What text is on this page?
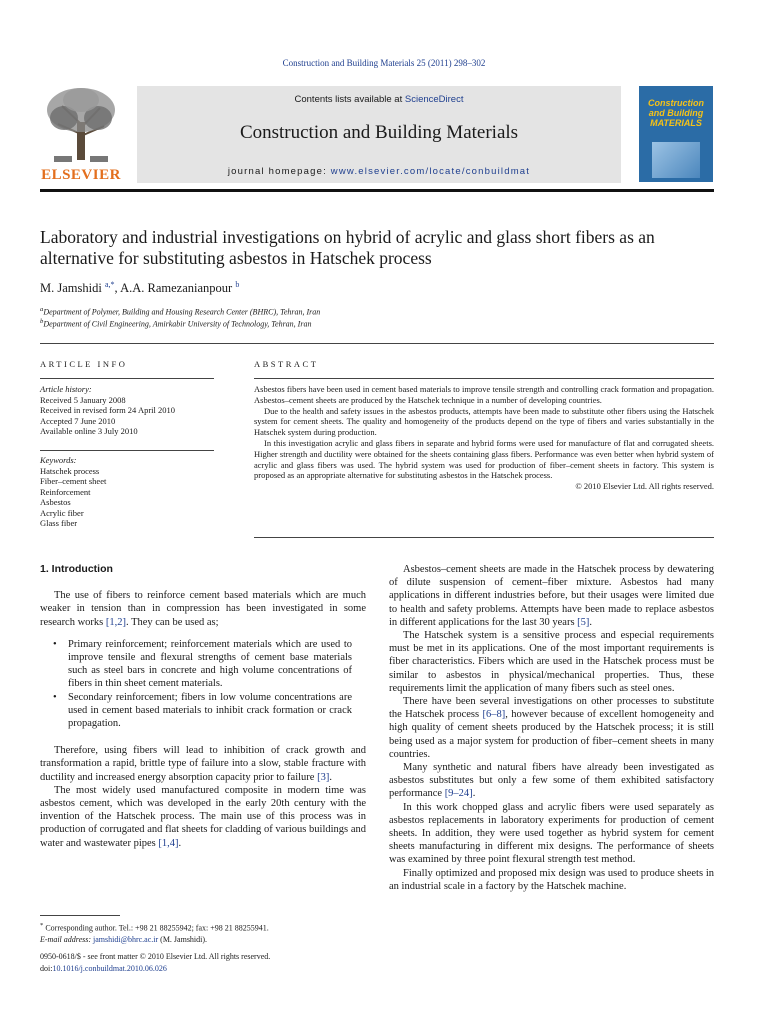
Construction and Building Materials 25 (2011) 298–302
ELSEVIER
Contents lists available at ScienceDirect
Construction and Building Materials
journal homepage: www.elsevier.com/locate/conbuildmat
Construction and Building MATERIALS
Laboratory and industrial investigations on hybrid of acrylic and glass short fibers as an alternative for substituting asbestos in Hatschek process
M. Jamshidi $^{a,*}$, A.A. Ramezanianpour $^b$
$^a$Department of Polymer, Building and Housing Research Center (BHRC), Tehran, Iran
$^b$Department of Civil Engineering, Amirkabir University of Technology, Tehran, Iran
ARTICLE INFO
Article history:
Received 5 January 2008
Received in revised form 24 April 2010
Accepted 7 June 2010
Available online 3 July 2010
Keywords:
Hatschek process
Fiber–cement sheet
Reinforcement
Asbestos
Acrylic fiber
Glass fiber
ABSTRACT

Asbestos fibers have been used in cement based materials to improve tensile strength and controlling crack formation and propagation. Asbestos–cement sheets are produced by the Hatschek technique in a number of developing countries.

Due to the health and safety issues in the asbestos products, attempts have been made to substitute other fibers using the Hatschek system for cement sheets. The quality and homogeneity of the products depend on the type of fibers and varies substantially in the Hatschek system during production.

In this investigation acrylic and glass fibers in separate and hybrid forms were used for manufacture of flat and corrugated sheets. Higher strength and ductility were obtained for the sheets containing glass fibers. Performance was even better when hybrid system of acrylic and glass fibers was used. The hybrid system was used for production of fiber–cement sheets in factory. This system is proposed as an appropriate alternative for substituting asbestos in the Hatschek process.

© 2010 Elsevier Ltd. All rights reserved.
1. Introduction

The use of fibers to reinforce cement based materials which are much weaker in tension than in compression has been investigated in some research works [1,2]. They can be used as;

• Primary reinforcement; reinforcement materials which are used to improve tensile and flexural strengths of cement base materials such as steel bars in concrete and high volume concentrations of fibers in thin sheet cement materials.
• Secondary reinforcement; fibers in low volume concentrations are used in cement based materials to inhibit crack formation or crack propagation.

Therefore, using fibers will lead to inhibition of crack growth and transformation a rapid, brittle type of failure into a slow, stable fracture with ductility and increased energy absorption capacity prior to failure [3].

The most widely used manufactured composite in modern time was asbestos cement, which was developed in the early 20th century with the invention of the Hatschek process. The main use of this process was in production of corrugated and flat sheets for cladding of various buildings and water and wastewater pipes [1,4].

Asbestos–cement sheets are made in the Hatschek process by dewatering of dilute suspension of cement–fiber mixture. Asbestos had many applications in different industries before, but their usages were limited due to health and safety problems. Attempts have been made to replace asbestos in different applications for the last 30 years [5].

The Hatschek system is a sensitive process and especial requirements must be met in its applications. One of the most important requirements is fiber characteristics. Fibers which are used in the Hatschek process must be similar to asbestos in physical/mechanical properties. Thus, these requirements limit the application of many fibers such as steel ones.

There have been several investigations on other processes to substitute the Hatschek process [6–8], however because of excellent homogeneity and high quality of cement sheets produced by the Hatschek process; it is still being used as a major system for production of fiber–cement sheets in many countries.

Many synthetic and natural fibers have already been investigated as asbestos substitutes but only a few some of them exhibited satisfactory performance [9–24].

In this work chopped glass and acrylic fibers were used separately as asbestos replacements in laboratory experiments for production of cement sheets. In addition, they were used together as hybrid system for cement sheets manufacturing in different mix designs. The performance of sheets was examined by three point flexural strength test method.

Finally optimized and proposed mix design was used to produce sheets in an industrial scale in a factory by the Hatschek machine.

* Corresponding author. Tel.: +98 21 88255942; fax: +98 21 88255941.
E-mail address: jamshidi@bhrc.ac.ir (M. Jamshidi).
0950-0618/$ - see front matter © 2010 Elsevier Ltd. All rights reserved.
doi:10.1016/j.conbuildmat.2010.06.026
